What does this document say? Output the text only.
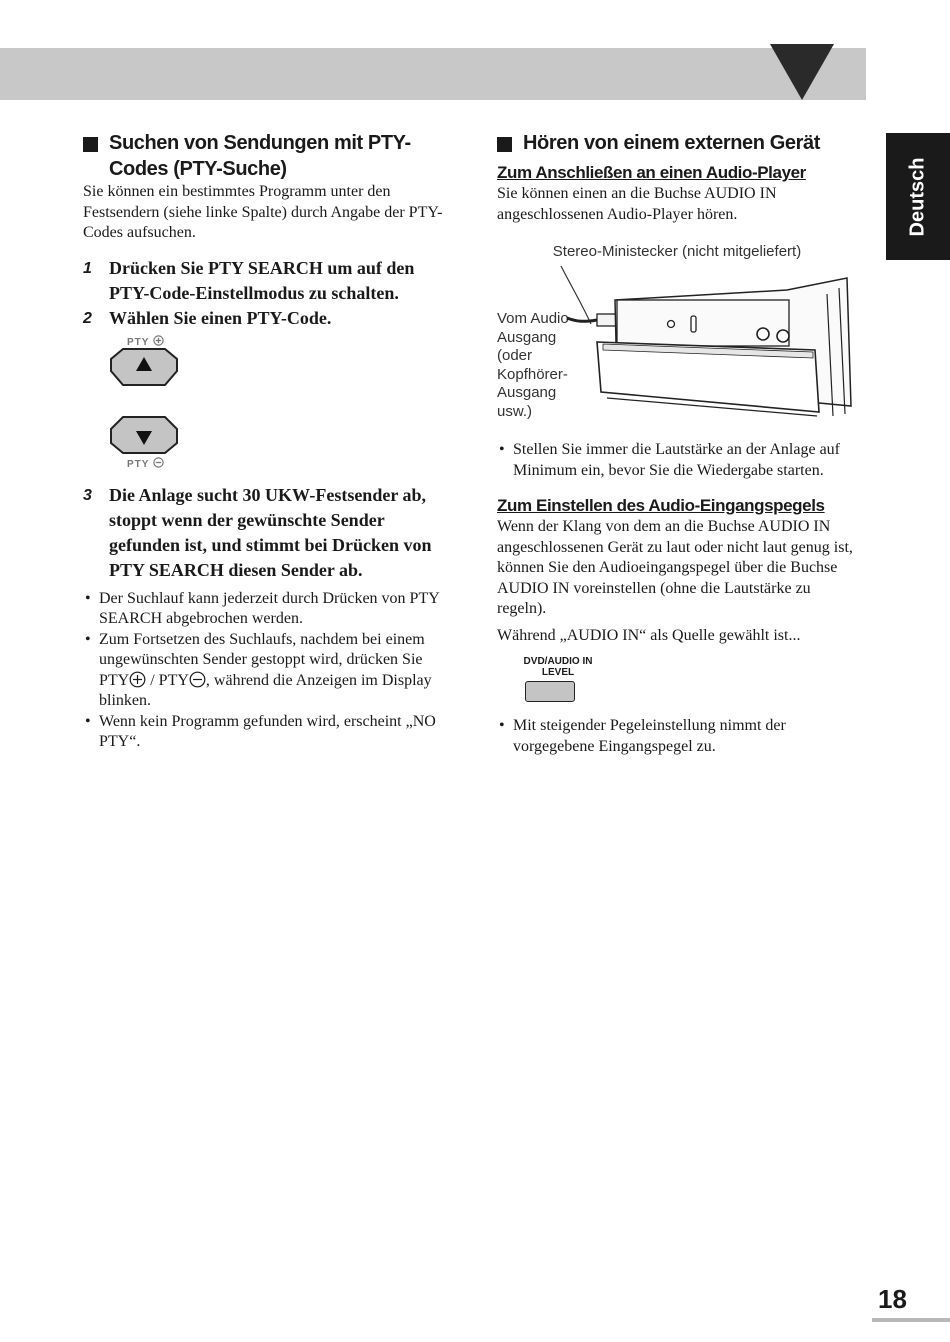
Deutsch
Suchen von Sendungen mit PTY-Codes (PTY-Suche)

Sie können ein bestimmtes Programm unter den Festsendern (siehe linke Spalte) durch Angabe der PTY-Codes aufsuchen.

1 Drücken Sie PTY SEARCH um auf den PTY-Code-Einstellmodus zu schalten.
2 Wählen Sie einen PTY-Code.
PTY
PTY
3 Die Anlage sucht 30 UKW-Festsender ab, stoppt wenn der gewünschte Sender gefunden ist, und stimmt bei Drücken von PTY SEARCH diesen Sender ab.
• Der Suchlauf kann jederzeit durch Drücken von PTY SEARCH abgebrochen werden.
• Zum Fortsetzen des Suchlaufs, nachdem bei einem ungewünschten Sender gestoppt wird, drücken Sie PTY / PTY , während die Anzeigen im Display blinken.
• Wenn kein Programm gefunden wird, erscheint „NO PTY“.
Hören von einem externen Gerät
Zum Anschließen an einen Audio-Player

Sie können einen an die Buchse AUDIO IN angeschlossenen Audio-Player hören.

Stereo-Ministecker (nicht mitgeliefert)

Vom Audio-Ausgang (oder Kopfhörer-Ausgang usw.)
• Stellen Sie immer die Lautstärke an der Anlage auf Minimum ein, bevor Sie die Wiedergabe starten.
Zum Einstellen des Audio-Eingangspegels

Wenn der Klang von dem an die Buchse AUDIO IN angeschlossenen Gerät zu laut oder nicht laut genug ist, können Sie den Audioeingangspegel über die Buchse AUDIO IN voreinstellen (ohne die Lautstärke zu regeln).

Während „AUDIO IN“ als Quelle gewählt ist...

DVD/AUDIO IN
LEVEL
• Mit steigender Pegeleinstellung nimmt der vorgegebene Eingangspegel zu.
18
